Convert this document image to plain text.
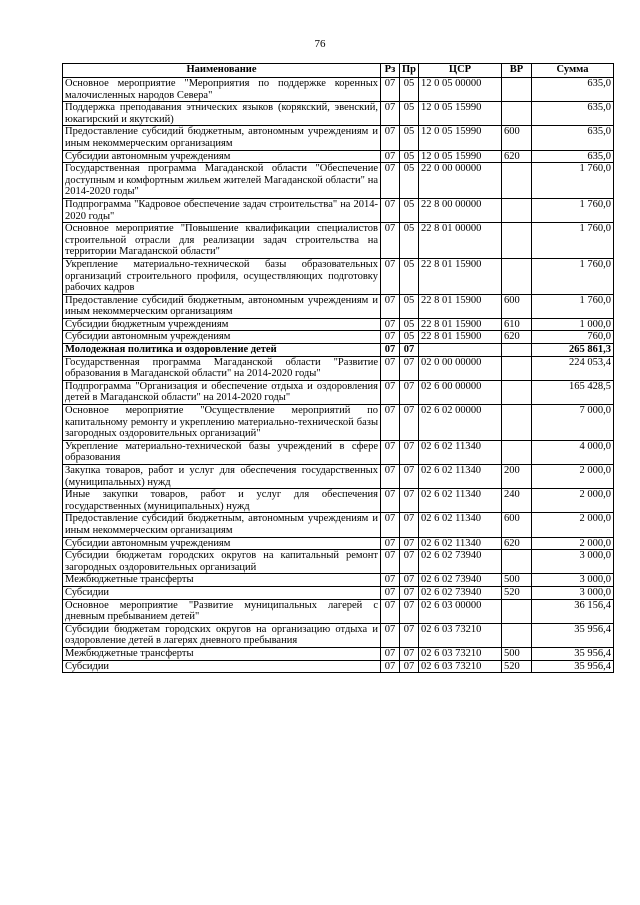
76
Наименование	Рз	Пр	ЦСР	ВР	Сумма
Основное мероприятие "Мероприятия по поддержке коренных малочисленных народов Севера"	07	05	12 0 05 00000		635,0
Поддержка преподавания этнических языков (корякский, эвенский, юкагирский и якутский)	07	05	12 0 05 15990		635,0
Предоставление субсидий бюджетным, автономным учреждениям и иным некоммерческим организациям	07	05	12 0 05 15990	600	635,0
Субсидии автономным учреждениям	07	05	12 0 05 15990	620	635,0
Государственная программа Магаданской области "Обеспечение доступным и комфортным жильем жителей Магаданской области" на 2014-2020 годы"	07	05	22 0 00 00000		1 760,0
Подпрограмма "Кадровое обеспечение задач строительства" на 2014-2020 годы"	07	05	22 8 00 00000		1 760,0
Основное мероприятие "Повышение квалификации специалистов строительной отрасли для реализации задач строительства на территории Магаданской области"	07	05	22 8 01 00000		1 760,0
Укрепление материально-технической базы образовательных организаций строительного профиля, осуществляющих подготовку рабочих кадров	07	05	22 8 01 15900		1 760,0
Предоставление субсидий бюджетным, автономным учреждениям и иным некоммерческим организациям	07	05	22 8 01 15900	600	1 760,0
Субсидии бюджетным учреждениям	07	05	22 8 01 15900	610	1 000,0
Субсидии автономным учреждениям	07	05	22 8 01 15900	620	760,0
Молодежная политика и оздоровление детей	07	07			265 861,3
Государственная программа Магаданской области "Развитие образования в Магаданской области" на 2014-2020 годы"	07	07	02 0 00 00000		224 053,4
Подпрограмма "Организация и обеспечение отдыха и оздоровления детей в Магаданской области" на 2014-2020 годы"	07	07	02 6 00 00000		165 428,5
Основное мероприятие "Осуществление мероприятий по капитальному ремонту и укреплению материально-технической базы загородных оздоровительных организаций"	07	07	02 6 02 00000		7 000,0
Укрепление материально-технической базы учреждений в сфере образования	07	07	02 6 02 11340		4 000,0
Закупка товаров, работ и услуг для обеспечения государственных (муниципальных) нужд	07	07	02 6 02 11340	200	2 000,0
Иные закупки товаров, работ и услуг для обеспечения государственных (муниципальных) нужд	07	07	02 6 02 11340	240	2 000,0
Предоставление субсидий бюджетным, автономным учреждениям и иным некоммерческим организациям	07	07	02 6 02 11340	600	2 000,0
Субсидии автономным учреждениям	07	07	02 6 02 11340	620	2 000,0
Субсидии бюджетам городских округов на капитальный ремонт загородных оздоровительных организаций	07	07	02 6 02 73940		3 000,0
Межбюджетные трансферты	07	07	02 6 02 73940	500	3 000,0
Субсидии	07	07	02 6 02 73940	520	3 000,0
Основное мероприятие "Развитие муниципальных лагерей с дневным пребыванием детей"	07	07	02 6 03 00000		36 156,4
Субсидии бюджетам городских округов на организацию отдыха и оздоровление детей в лагерях дневного пребывания	07	07	02 6 03 73210		35 956,4
Межбюджетные трансферты	07	07	02 6 03 73210	500	35 956,4
Субсидии	07	07	02 6 03 73210	520	35 956,4
